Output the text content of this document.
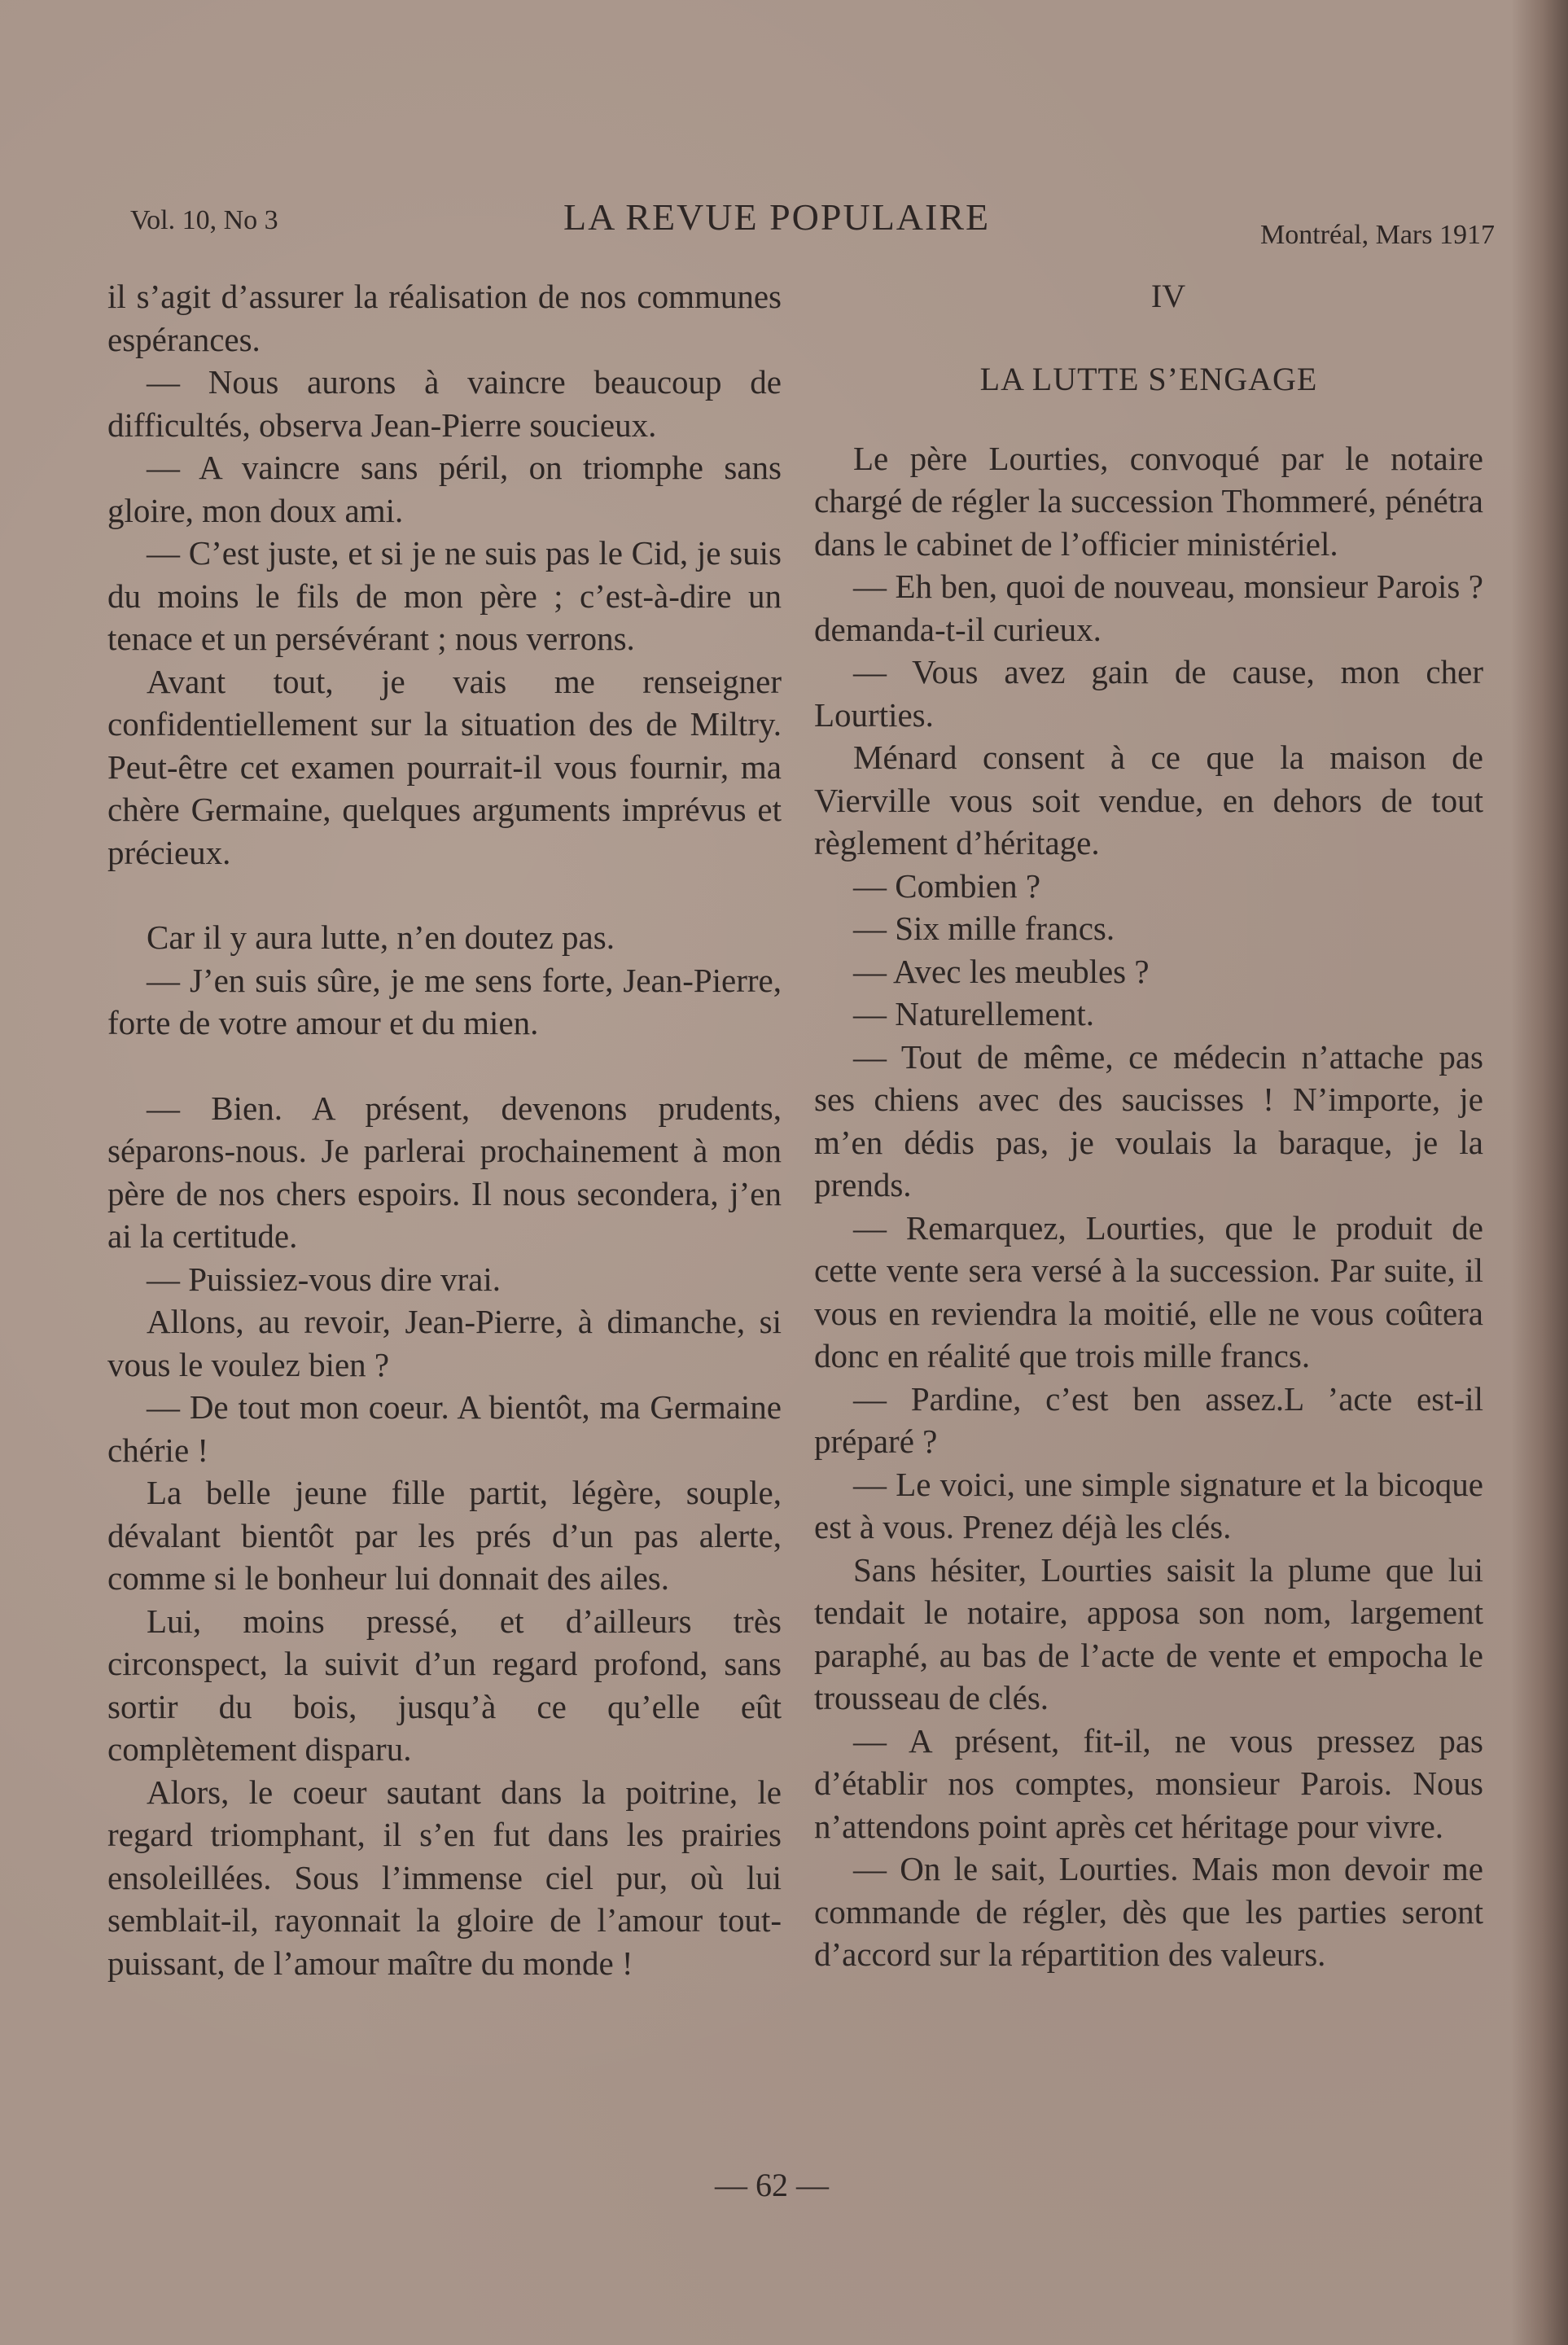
Vol. 10, No 3	LA REVUE POPULAIRE	Montréal, Mars 1917

il s’agit d’assurer la réalisation de nos communes espérances.

— Nous aurons à vaincre beaucoup de difficultés, observa Jean-Pierre soucieux.

— A vaincre sans péril, on triomphe sans gloire, mon doux ami.

— C’est juste, et si je ne suis pas le Cid, je suis du moins le fils de mon père ; c’est-à-dire un tenace et un persévérant ; nous verrons.

Avant tout, je vais me renseigner confidentiellement sur la situation des de Miltry. Peut-être cet examen pourrait-il vous fournir, ma chère Germaine, quelques arguments imprévus et précieux.

Car il y aura lutte, n’en doutez pas.

— J’en suis sûre, je me sens forte, Jean-Pierre, forte de votre amour et du mien.

— Bien. A présent, devenons prudents, séparons-nous. Je parlerai prochainement à mon père de nos chers espoirs. Il nous secondera, j’en ai la certitude.

— Puissiez-vous dire vrai.

Allons, au revoir, Jean-Pierre, à dimanche, si vous le voulez bien ?

— De tout mon coeur. A bientôt, ma Germaine chérie !

La belle jeune fille partit, légère, souple, dévalant bientôt par les prés d’un pas alerte, comme si le bonheur lui donnait des ailes.

Lui, moins pressé, et d’ailleurs très circonspect, la suivit d’un regard profond, sans sortir du bois, jusqu’à ce qu’elle eût complètement disparu.

Alors, le coeur sautant dans la poitrine, le regard triomphant, il s’en fut dans les prairies ensoleillées. Sous l’immense ciel pur, où lui semblait-il, rayonnait la gloire de l’amour tout-puissant, de l’amour maître du monde !

IV

LA LUTTE S’ENGAGE

Le père Lourties, convoqué par le notaire chargé de régler la succession Thommeré, pénétra dans le cabinet de l’officier ministériel.

— Eh ben, quoi de nouveau, monsieur Parois ? demanda-t-il curieux.

— Vous avez gain de cause, mon cher Lourties.

Ménard consent à ce que la maison de Vierville vous soit vendue, en dehors de tout règlement d’héritage.

— Combien ?

— Six mille francs.

— Avec les meubles ?

— Naturellement.

— Tout de même, ce médecin n’attache pas ses chiens avec des saucisses ! N’importe, je m’en dédis pas, je voulais la baraque, je la prends.

— Remarquez, Lourties, que le produit de cette vente sera versé à la succession. Par suite, il vous en reviendra la moitié, elle ne vous coûtera donc en réalité que trois mille francs.

— Pardine, c’est ben assez.L ’acte est-il préparé ?

— Le voici, une simple signature et la bicoque est à vous. Prenez déjà les clés.

Sans hésiter, Lourties saisit la plume que lui tendait le notaire, apposa son nom, largement paraphé, au bas de l’acte de vente et empocha le trousseau de clés.

— A présent, fit-il, ne vous pressez pas d’établir nos comptes, monsieur Parois. Nous n’attendons point après cet héritage pour vivre.

— On le sait, Lourties. Mais mon devoir me commande de régler, dès que les parties seront d’accord sur la répartition des valeurs.

— 62 —
